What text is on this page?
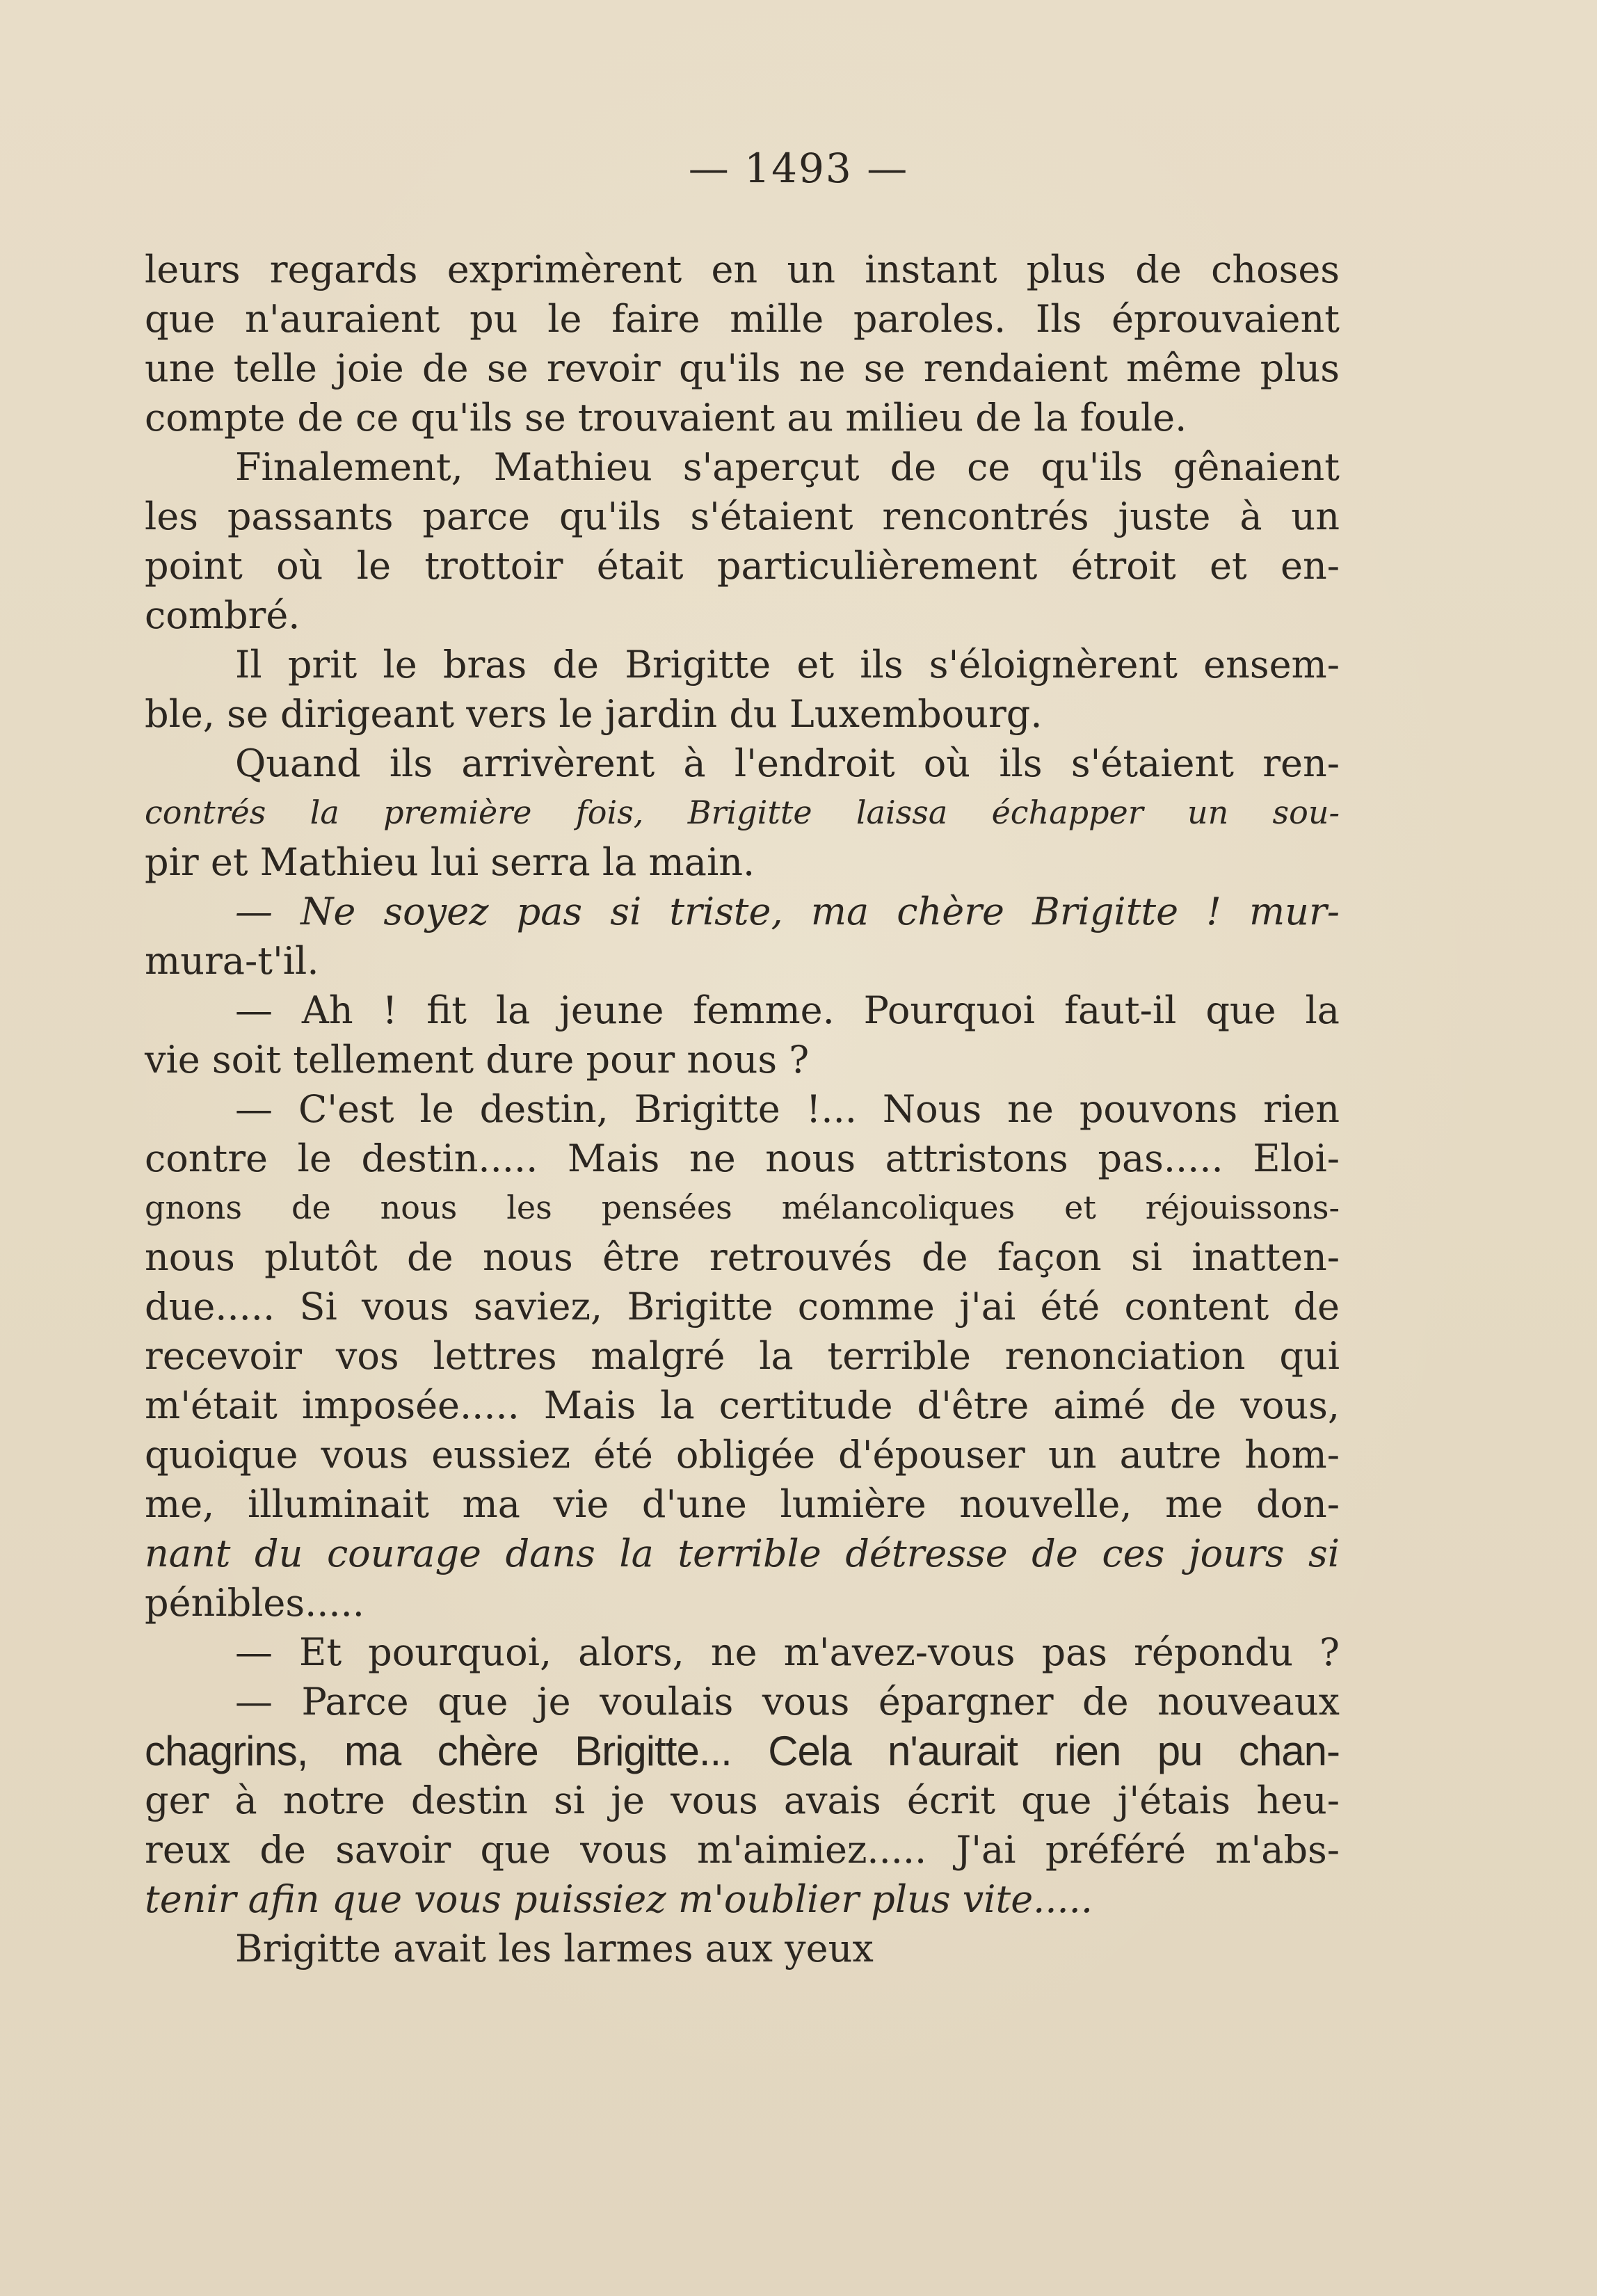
— 1493 —
leurs regards exprimèrent en un instant plus de choses
que n'auraient pu le faire mille paroles. Ils éprouvaient
une telle joie de se revoir qu'ils ne se rendaient même plus
compte de ce qu'ils se trouvaient au milieu de la foule.
Finalement, Mathieu s'aperçut de ce qu'ils gênaient
les passants parce qu'ils s'étaient rencontrés juste à un
point où le trottoir était particulièrement étroit et en-
combré.
Il prit le bras de Brigitte et ils s'éloignèrent ensem-
ble, se dirigeant vers le jardin du Luxembourg.
Quand ils arrivèrent à l'endroit où ils s'étaient ren-
contrés la première fois, Brigitte laissa échapper un sou-
pir et Mathieu lui serra la main.
— Ne soyez pas si triste, ma chère Brigitte ! mur-
mura-t'il.
— Ah ! fit la jeune femme. Pourquoi faut-il que la
vie soit tellement dure pour nous ?
— C'est le destin, Brigitte !... Nous ne pouvons rien
contre le destin..... Mais ne nous attristons pas..... Eloi-
gnons de nous les pensées mélancoliques et réjouissons-
nous plutôt de nous être retrouvés de façon si inatten-
due..... Si vous saviez, Brigitte comme j'ai été content de
recevoir vos lettres malgré la terrible renonciation qui
m'était imposée..... Mais la certitude d'être aimé de vous,
quoique vous eussiez été obligée d'épouser un autre hom-
me, illuminait ma vie d'une lumière nouvelle, me don-
nant du courage dans la terrible détresse de ces jours si
pénibles.....
— Et pourquoi, alors, ne m'avez-vous pas répondu ?
— Parce que je voulais vous épargner de nouveaux
chagrins, ma chère Brigitte... Cela n'aurait rien pu chan-
ger à notre destin si je vous avais écrit que j'étais heu-
reux de savoir que vous m'aimiez..... J'ai préféré m'abs-
tenir afin que vous puissiez m'oublier plus vite.....
Brigitte avait les larmes aux yeux
